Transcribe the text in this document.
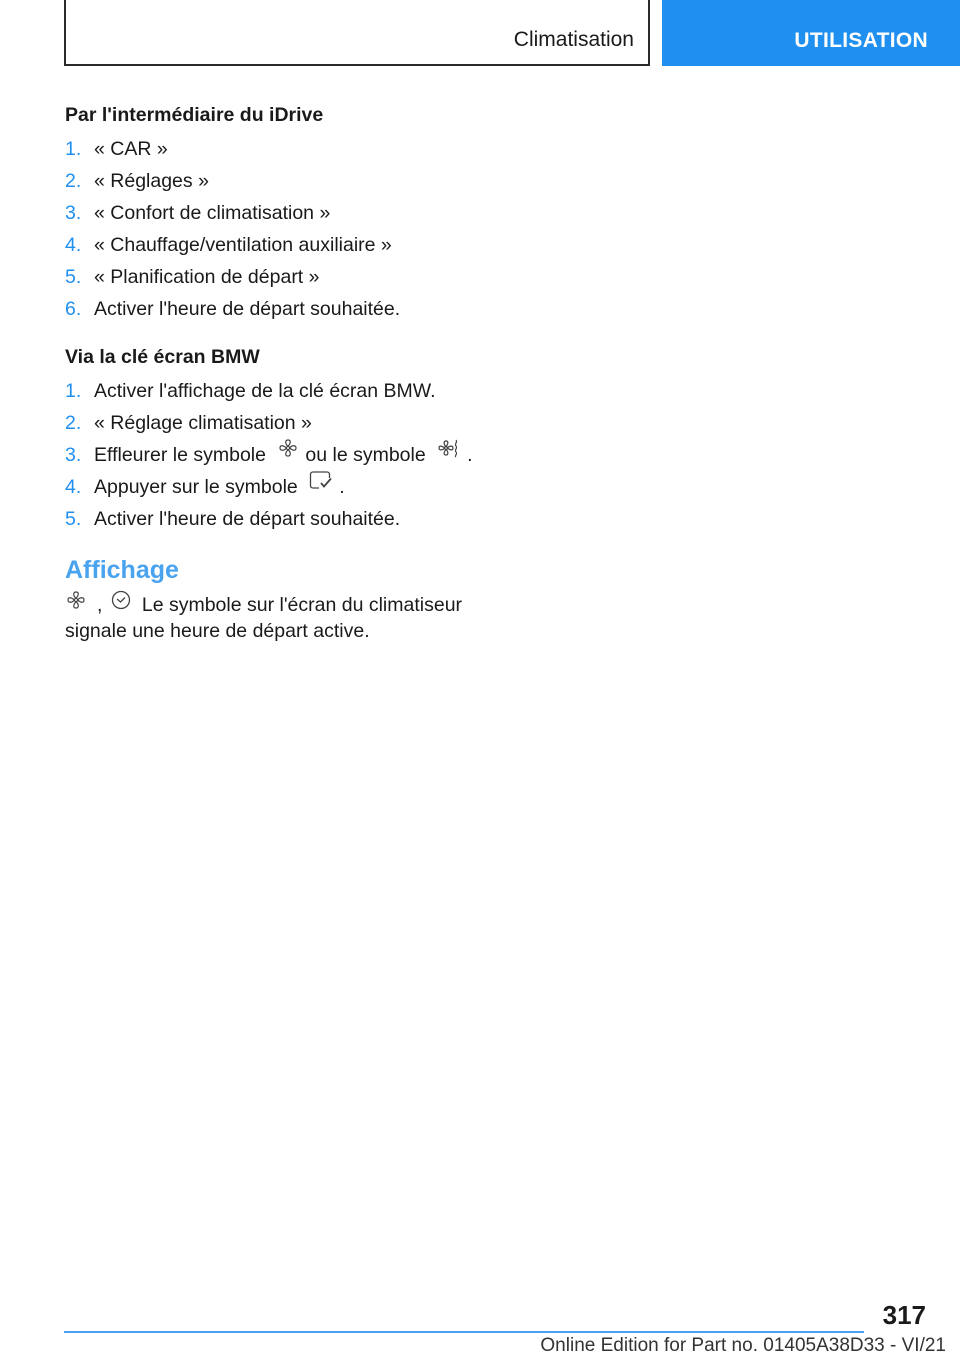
Climatisation	UTILISATION
Par l'intermédiaire du iDrive
1. « CAR »
2. « Réglages »
3. « Confort de climatisation »
4. « Chauffage/ventilation auxiliaire »
5. « Planification de départ »
6. Activer l'heure de départ souhaitée.
Via la clé écran BMW
1. Activer l'affichage de la clé écran BMW.
2. « Réglage climatisation »
3. Effleurer le symbole ou le symbole .
4. Appuyer sur le symbole .
5. Activer l'heure de départ souhaitée.
Affichage
, Le symbole sur l'écran du climatiseur signale une heure de départ active.
317
Online Edition for Part no. 01405A38D33 - VI/21
